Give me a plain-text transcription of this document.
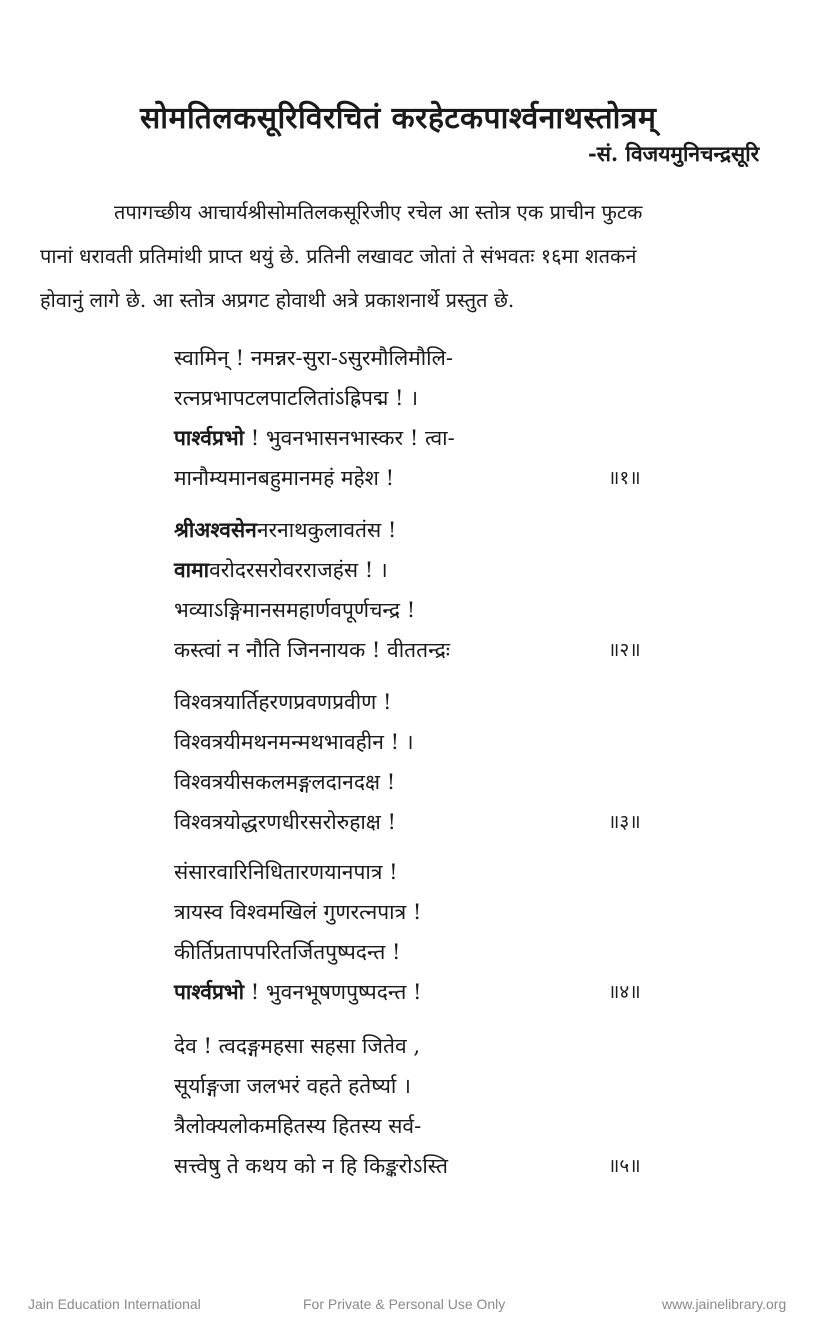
सोमतिलकसूरिविरचितं करहेटकपार्श्वनाथस्तोत्रम्
-सं. विजयमुनिचन्द्रसूरि

तपागच्छीय आचार्यश्रीसोमतिलकसूरिजीए रचेल आ स्तोत्र एक प्राचीन फुटक

पानां धरावती प्रतिमांथी प्राप्त थयुं छे. प्रतिनी लखावट जोतां ते संभवतः १६मा शतकनं

होवानुं लागे छे. आ स्तोत्र अप्रगट होवाथी अत्रे प्रकाशनार्थे प्रस्तुत छे.

स्वामिन् ! नमन्नर-सुरा-ऽसुरमौलिमौलि-
रत्नप्रभापटलपाटलितांऽह्रिपद्म ! ।
पार्श्वप्रभो ! भुवनभासनभास्कर ! त्वा-
मानौम्यमानबहुमानमहं महेश !	॥१॥
श्रीअश्वसेननरनाथकुलावतंस !
वामावरोदरसरोवरराजहंस ! ।
भव्याऽङ्गिमानसमहार्णवपूर्णचन्द्र !
कस्त्वां न नौति जिननायक ! वीततन्द्रः	॥२॥
विश्वत्रयार्तिहरणप्रवणप्रवीण !
विश्वत्रयीमथनमन्मथभावहीन ! ।
विश्वत्रयीसकलमङ्गलदानदक्ष !
विश्वत्रयोद्धरणधीरसरोरुहाक्ष !	॥३॥
संसारवारिनिधितारणयानपात्र !
त्रायस्व विश्वमखिलं गुणरत्नपात्र !
कीर्तिप्रतापपरितर्जितपुष्पदन्त !
पार्श्वप्रभो ! भुवनभूषणपुष्पदन्त !	॥४॥
देव ! त्वदङ्गमहसा सहसा जितेव ,
सूर्याङ्गजा जलभरं वहते हतेर्ष्या ।
त्रैलोक्यलोकमहितस्य हितस्य सर्व-
सत्त्वेषु ते कथय को न हि किङ्करोऽस्ति	॥५॥
Jain Education International	For Private & Personal Use Only	www.jainelibrary.org
